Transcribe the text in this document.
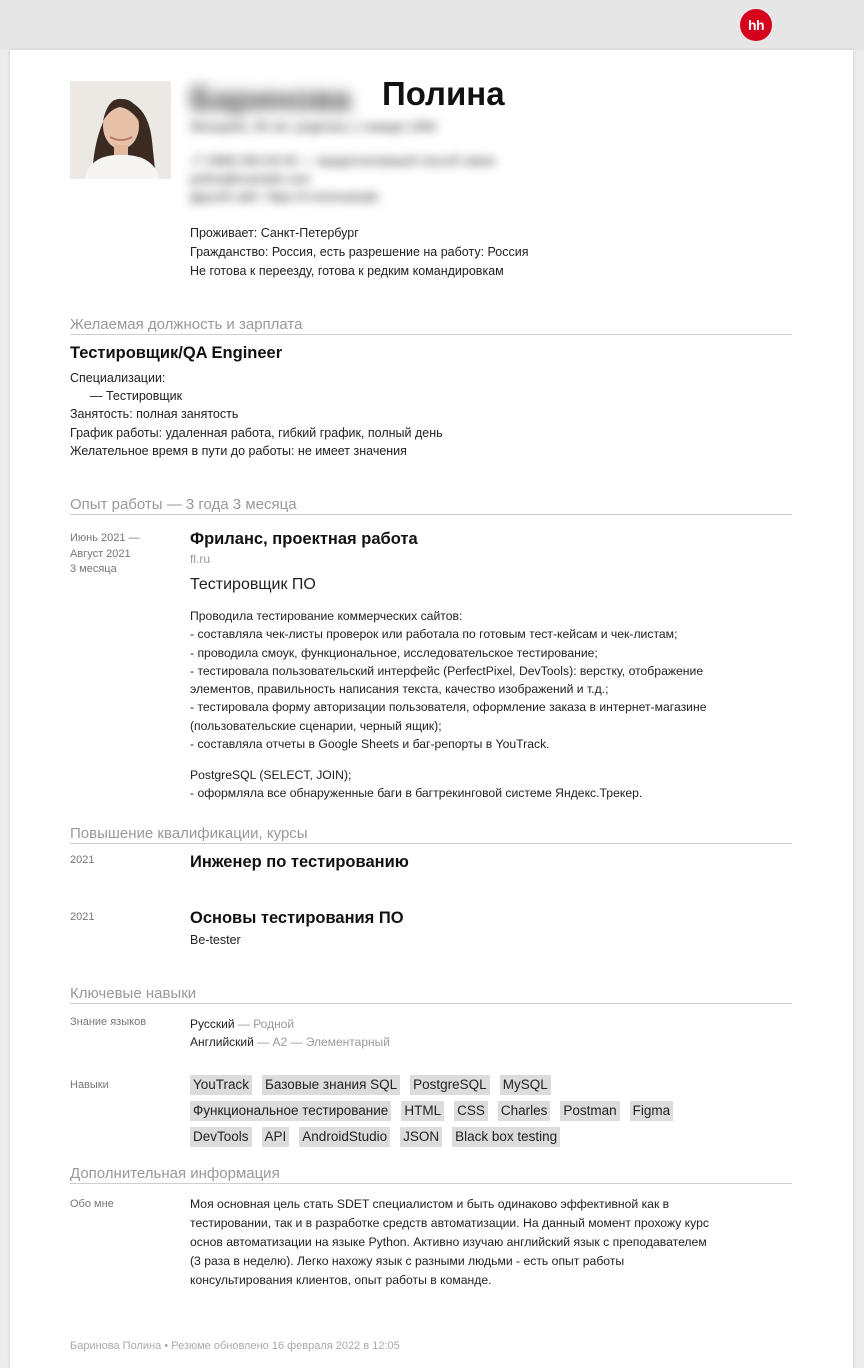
hh
Баринова Полина
Женщина, 28 лет, родилась 1 января 1994
+7 (999) 000-00-00 — предпочитаемый способ связи
polina@example.com
Другой сайт: https://t.me/example
Проживает: Санкт-Петербург
Гражданство: Россия, есть разрешение на работу: Россия
Не готова к переезду, готова к редким командировкам
Желаемая должность и зарплата
Тестировщик/QA Engineer
Специализации:
— Тестировщик
Занятость: полная занятость
График работы: удаленная работа, гибкий график, полный день
Желательное время в пути до работы: не имеет значения
Опыт работы — 3 года 3 месяца
Июнь 2021 —
Август 2021
3 месяца
Фриланс, проектная работа
fl.ru
Тестировщик ПО
Проводила тестирование коммерческих сайтов:
- составляла чек-листы проверок или работала по готовым тест-кейсам и чек-листам;
- проводила смоук, функциональное, исследовательское тестирование;
- тестировала пользовательский интерфейс (PerfectPixel, DevTools): верстку, отображение
элементов, правильность написания текста, качество изображений и т.д.;
- тестировала форму авторизации пользователя, оформление заказа в интернет-магазине
(пользовательские сценарии, черный ящик);
- составляла отчеты в Google Sheets и баг-репорты в YouTrack.
PostgreSQL (SELECT, JOIN);
- оформляла все обнаруженные баги в багтрекинговой системе Яндекс.Трекер.
Повышение квалификации, курсы
2021	Инженер по тестированию
2021	Основы тестирования ПО
Be-tester
Ключевые навыки
Знание языков	Русский — Родной
Английский — A2 — Элементарный
Навыки	YouTrack Базовые знания SQL PostgreSQL MySQL
Функциональное тестирование HTML CSS Charles Postman Figma
DevTools API AndroidStudio JSON Black box testing
Дополнительная информация
Обо мне	Моя основная цель стать SDET специалистом и быть одинаково эффективной как в
тестировании, так и в разработке средств автоматизации. На данный момент прохожу курс
основ автоматизации на языке Python. Активно изучаю английский язык с преподавателем
(3 раза в неделю). Легко нахожу язык с разными людьми - есть опыт работы
консультирования клиентов, опыт работы в команде.
Баринова Полина • Резюме обновлено 16 февраля 2022 в 12:05
